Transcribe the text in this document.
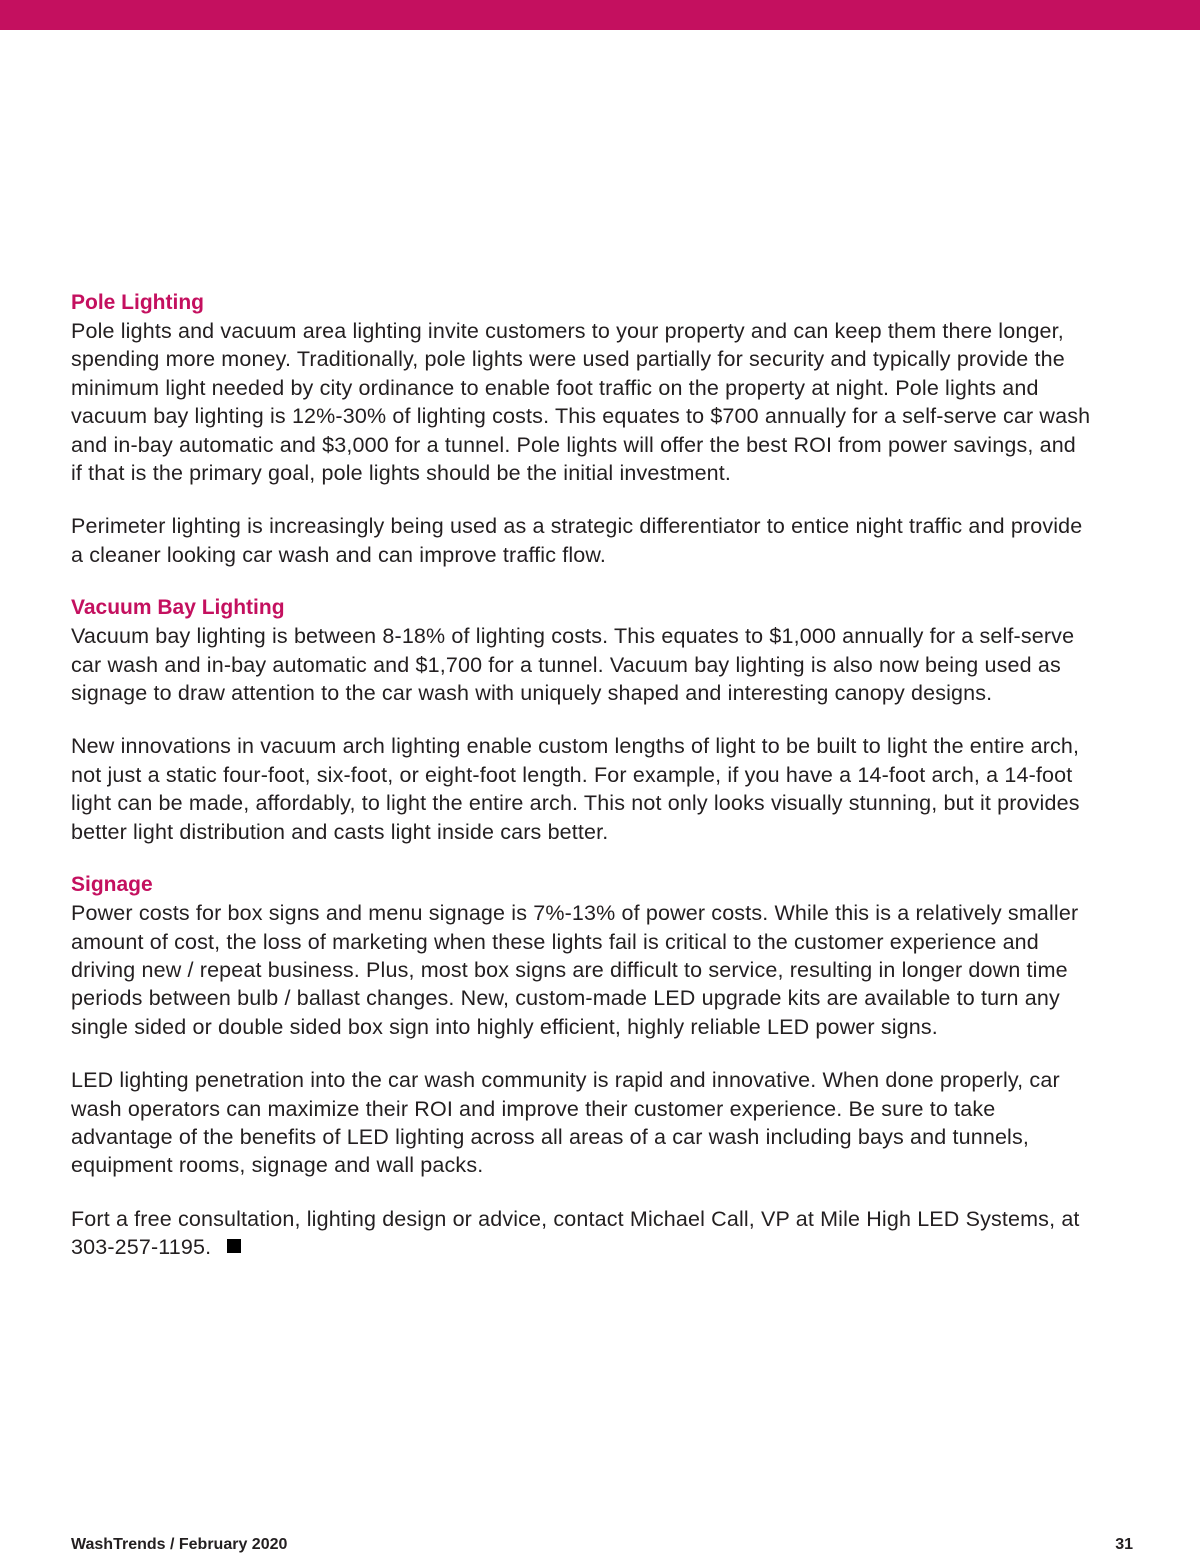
Pole Lighting

Pole lights and vacuum area lighting invite customers to your property and can keep them there longer, spending more money. Traditionally, pole lights were used partially for security and typically provide the minimum light needed by city ordinance to enable foot traffic on the property at night. Pole lights and vacuum bay lighting is 12%-30% of lighting costs. This equates to $700 annually for a self-serve car wash and in-bay automatic and $3,000 for a tunnel. Pole lights will offer the best ROI from power savings, and if that is the primary goal, pole lights should be the initial investment.

Perimeter lighting is increasingly being used as a strategic differentiator to entice night traffic and provide a cleaner looking car wash and can improve traffic flow.

Vacuum Bay Lighting

Vacuum bay lighting is between 8-18% of lighting costs. This equates to $1,000 annually for a self-serve car wash and in-bay automatic and $1,700 for a tunnel. Vacuum bay lighting is also now being used as signage to draw attention to the car wash with uniquely shaped and interesting canopy designs.

New innovations in vacuum arch lighting enable custom lengths of light to be built to light the entire arch, not just a static four-foot, six-foot, or eight-foot length. For example, if you have a 14-foot arch, a 14-foot light can be made, affordably, to light the entire arch. This not only looks visually stunning, but it provides better light distribution and casts light inside cars better.

Signage

Power costs for box signs and menu signage is 7%-13% of power costs. While this is a relatively smaller amount of cost, the loss of marketing when these lights fail is critical to the customer experience and driving new / repeat business. Plus, most box signs are difficult to service, resulting in longer down time periods between bulb / ballast changes. New, custom-made LED upgrade kits are available to turn any single sided or double sided box sign into highly efficient, highly reliable LED power signs.

LED lighting penetration into the car wash community is rapid and innovative. When done properly, car wash operators can maximize their ROI and improve their customer experience. Be sure to take advantage of the benefits of LED lighting across all areas of a car wash including bays and tunnels, equipment rooms, signage and wall packs.

Fort a free consultation, lighting design or advice, contact Michael Call, VP at Mile High LED Systems, at 303-257-1195.

WashTrends / February 2020	31
